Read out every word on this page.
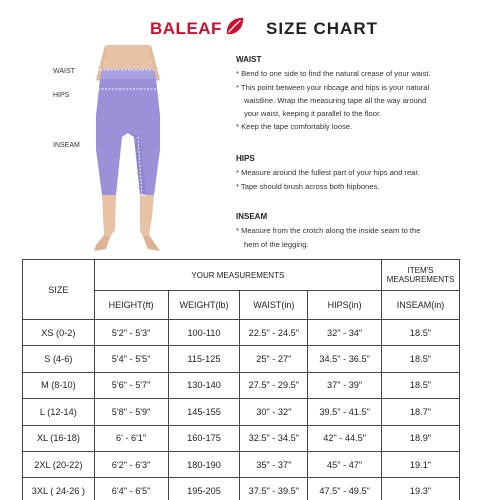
BALEAF	SIZE CHART
WAIST
HIPS
INSEAM
WAIST

* Bend to one side to find the natural crease of your waist.

* This point between your ribcage and hips is your natural

waistline. Wrap the measuring tape all the way around

your waist, keeping it parallel to the floor.

* Keep the tape comfortably loose.

HIPS

* Measure around the fullest part of your hips and rear.

* Tape should brush across both hipbones.

INSEAM

* Measure from the crotch along the inside seam to the

hem of the legging.

SIZE	YOUR MEASUREMENTS				ITEM'S MEASUREMENTS
	HEIGHT(ft)	WEIGHT(lb)	WAIST(in)	HIPS(in)	INSEAM(in)
XS (0-2)	5'2" - 5'3"	100-110	22.5" - 24.5"	32" - 34"	18.5"
S (4-6)	5'4" - 5'5"	115-125	25" - 27"	34.5" - 36.5"	18.5"
M (8-10)	5'6" - 5'7"	130-140	27.5" - 29.5"	37" - 39"	18.5"
L (12-14)	5'8" - 5'9"	145-155	30" - 32"	39.5" - 41.5"	18.7"
XL (16-18)	6' - 6'1"	160-175	32.5" - 34.5"	42" - 44.5"	18.9"
2XL (20-22)	6'2" - 6'3"	180-190	35" - 37"	45" - 47"	19.1"
3XL ( 24-26 )	6'4" - 6'5"	195-205	37.5" - 39.5"	47.5" - 49.5"	19.3"
